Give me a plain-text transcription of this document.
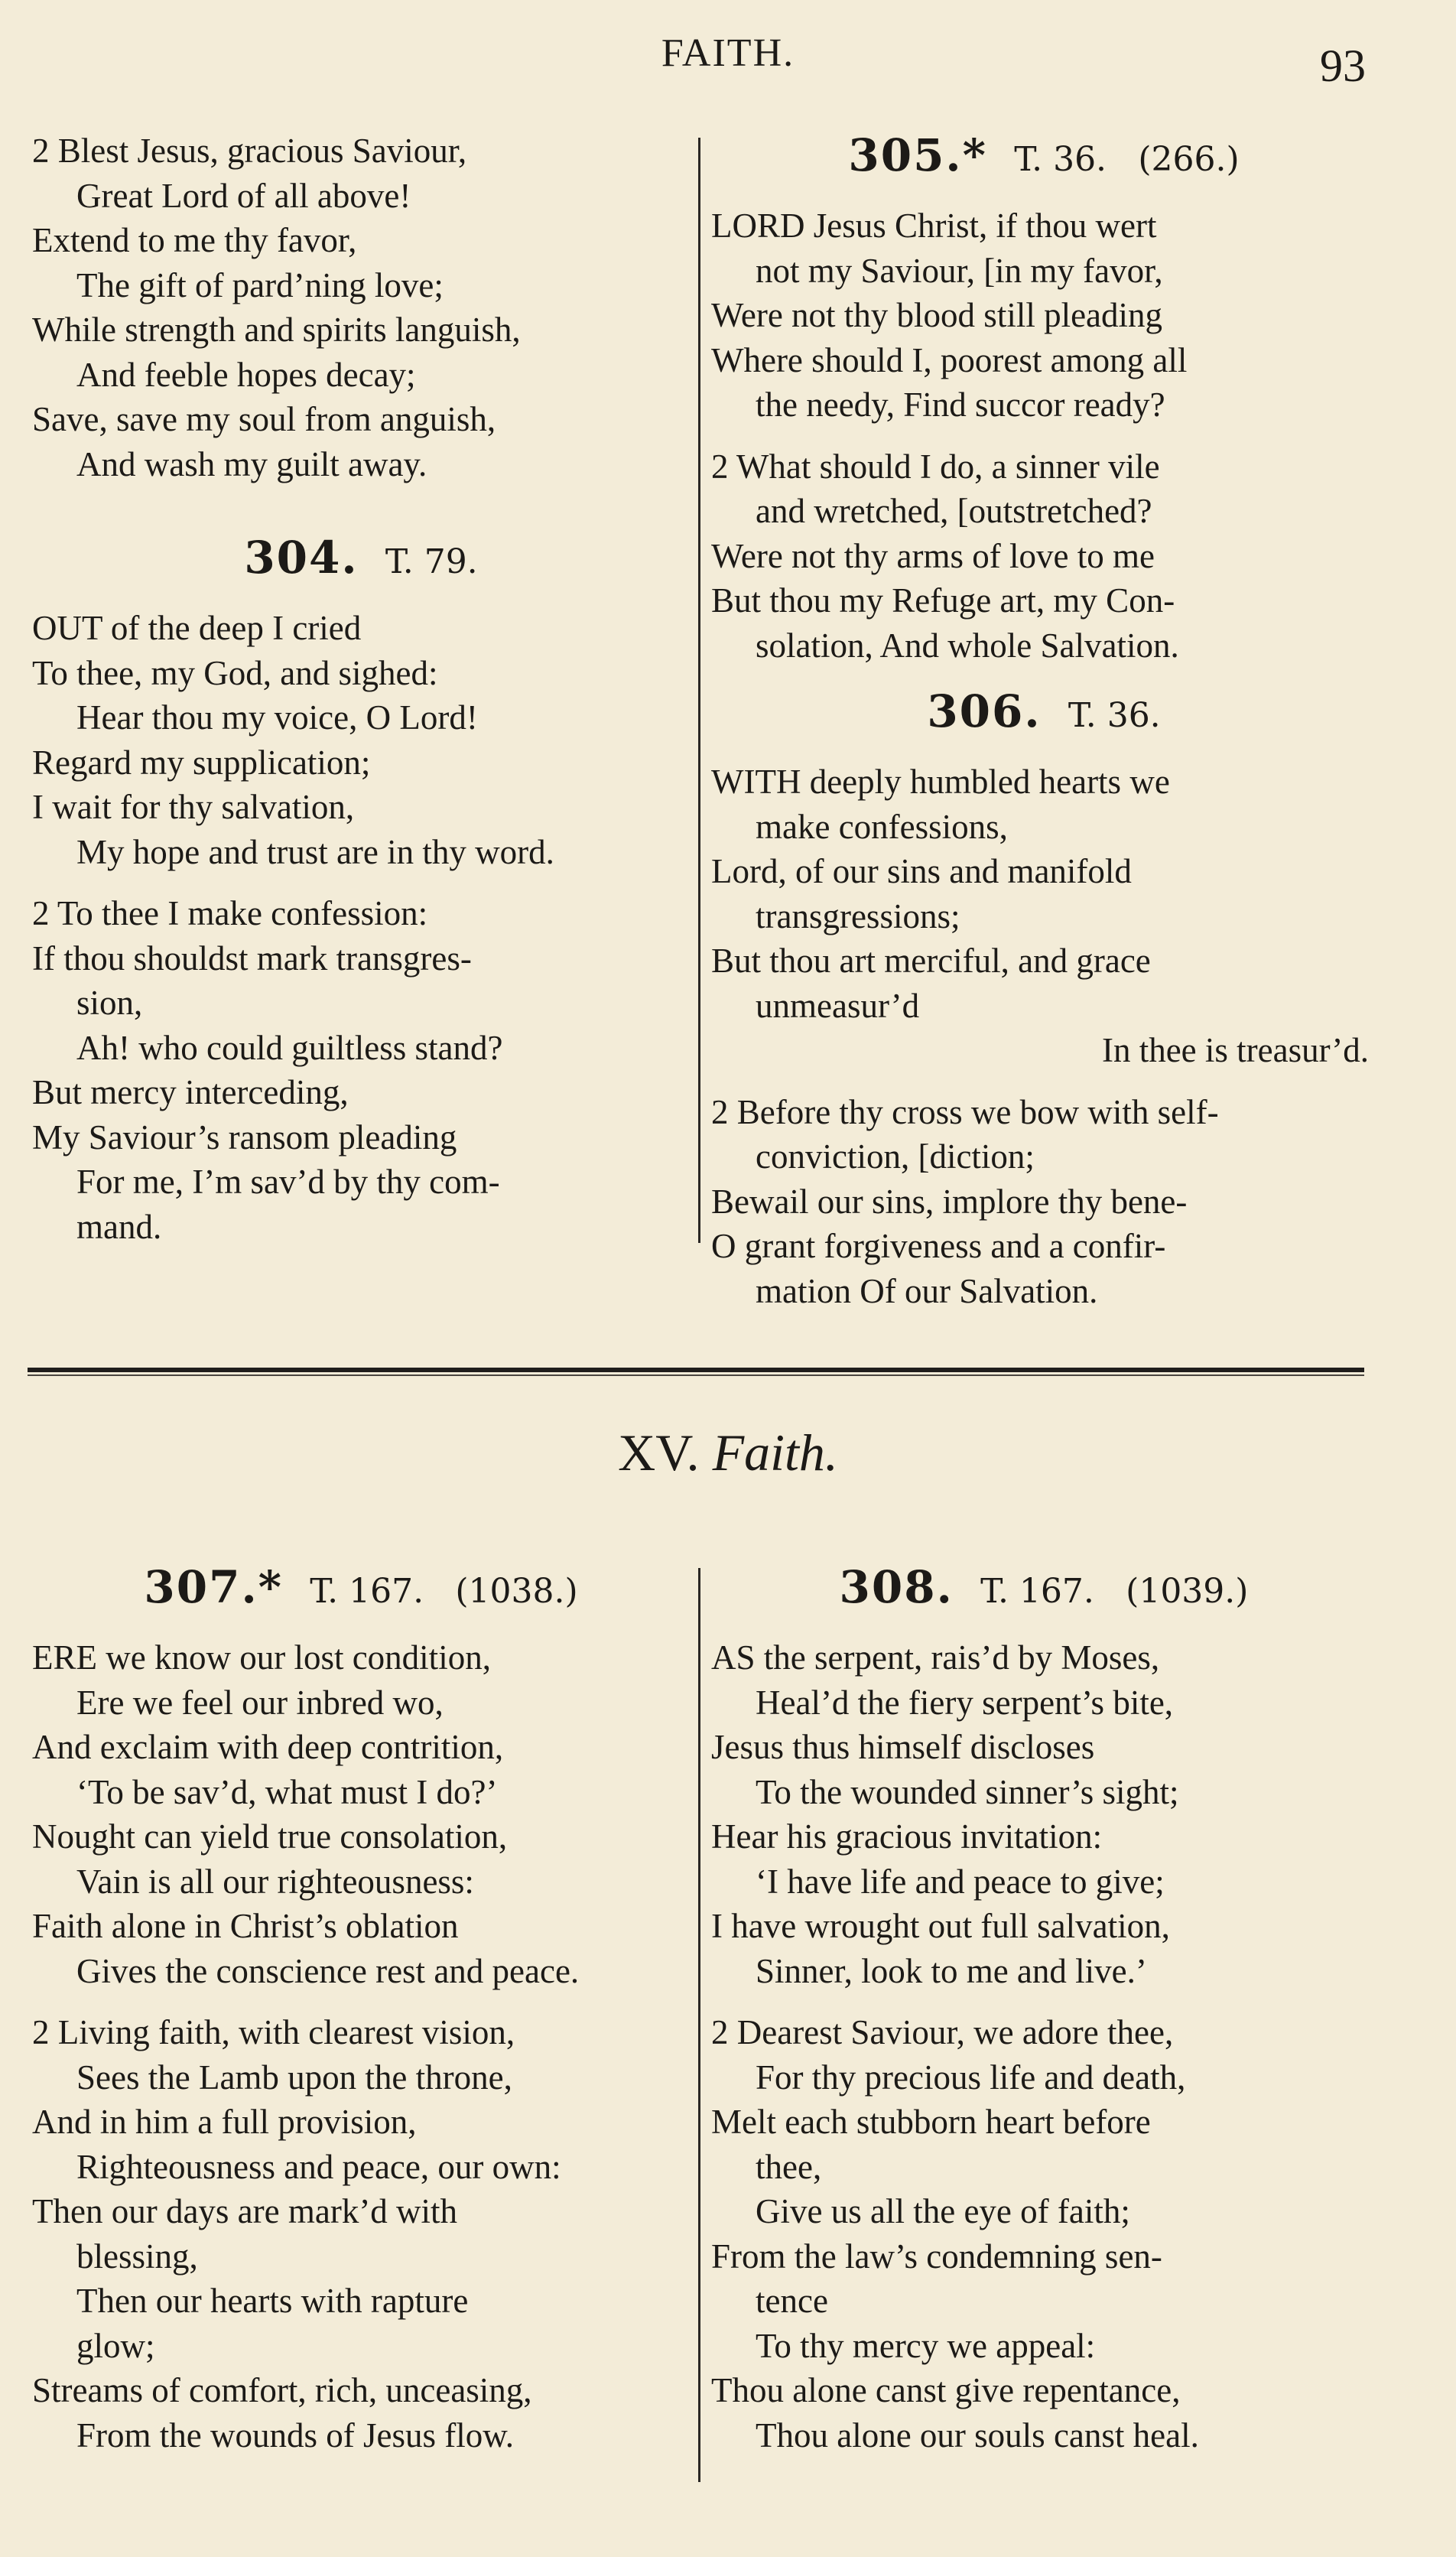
FAITH.	93
2 Blest Jesus, gracious Saviour,
Great Lord of all above!
Extend to me thy favor,
The gift of pard’ning love;
While strength and spirits languish,
And feeble hopes decay;
Save, save my soul from anguish,
And wash my guilt away.
304. T. 79.
OUT of the deep I cried
To thee, my God, and sighed:
Hear thou my voice, O Lord!
Regard my supplication;
I wait for thy salvation,
My hope and trust are in thy word.
2 To thee I make confession:
If thou shouldst mark transgres-
sion,
Ah! who could guiltless stand?
But mercy interceding,
My Saviour’s ransom pleading
For me, I’m sav’d by thy com-
mand.
305.* T. 36. (266.)
LORD Jesus Christ, if thou wert
not my Saviour, [in my favor,
Were not thy blood still pleading
Where should I, poorest among all
the needy, Find succor ready?
2 What should I do, a sinner vile
and wretched, [outstretched?
Were not thy arms of love to me
But thou my Refuge art, my Con-
solation, And whole Salvation.
306. T. 36.
WITH deeply humbled hearts we
make confessions,
Lord, of our sins and manifold
transgressions;
But thou art merciful, and grace
unmeasur’d
In thee is treasur’d.
2 Before thy cross we bow with self-
conviction, [diction;
Bewail our sins, implore thy bene-
O grant forgiveness and a confir-
mation Of our Salvation.
XV. Faith.
307.* T. 167. (1038.)
ERE we know our lost condition,
Ere we feel our inbred wo,
And exclaim with deep contrition,
‘To be sav’d, what must I do?’
Nought can yield true consolation,
Vain is all our righteousness:
Faith alone in Christ’s oblation
Gives the conscience rest and peace.
2 Living faith, with clearest vision,
Sees the Lamb upon the throne,
And in him a full provision,
Righteousness and peace, our own:
Then our days are mark’d with
blessing,
Then our hearts with rapture
glow;
Streams of comfort, rich, unceasing,
From the wounds of Jesus flow.
308. T. 167. (1039.)
AS the serpent, rais’d by Moses,
Heal’d the fiery serpent’s bite,
Jesus thus himself discloses
To the wounded sinner’s sight;
Hear his gracious invitation:
‘I have life and peace to give;
I have wrought out full salvation,
Sinner, look to me and live.’
2 Dearest Saviour, we adore thee,
For thy precious life and death,
Melt each stubborn heart before
thee,
Give us all the eye of faith;
From the law’s condemning sen-
tence
To thy mercy we appeal:
Thou alone canst give repentance,
Thou alone our souls canst heal.
